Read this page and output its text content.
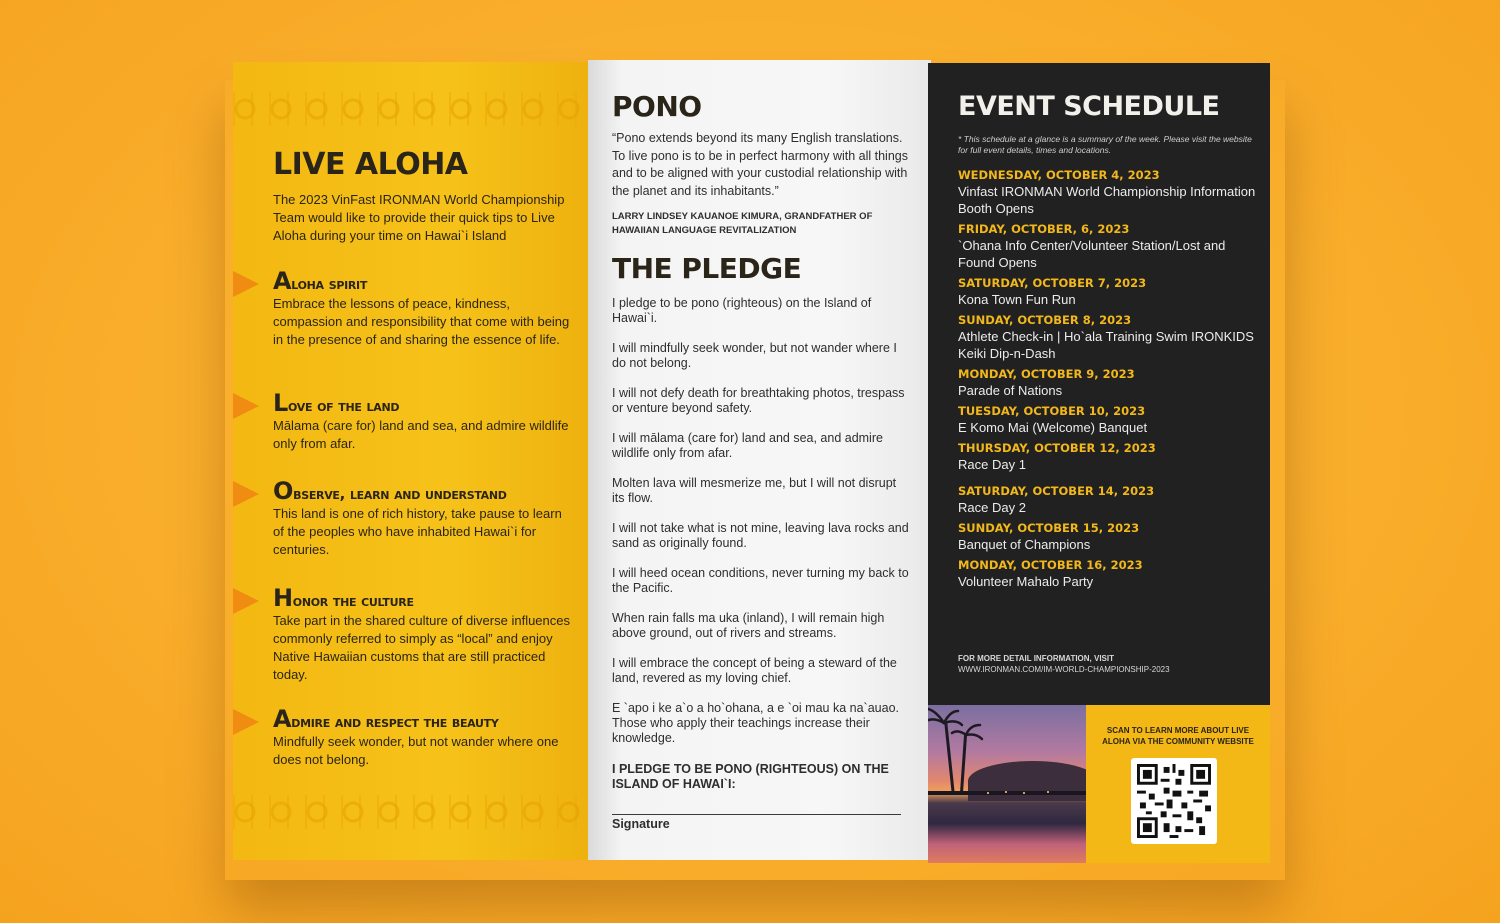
LIVE ALOHA
The 2023 VinFast IRONMAN World Championship Team would like to provide their quick tips to Live Aloha during your time on Hawai`i Island
Aloha spirit
Embrace the lessons of peace, kindness, compassion and responsibility that come with being in the presence of and sharing the essence of life.
Love of the land
Mālama (care for) land and sea, and admire wildlife only from afar.
Observe, learn and understand
This land is one of rich history, take pause to learn of the peoples who have inhabited Hawai`i for centuries.
Honor the culture
Take part in the shared culture of diverse influences commonly referred to simply as “local” and enjoy Native Hawaiian customs that are still practiced today.
Admire and respect the beauty
Mindfully seek wonder, but not wander where one does not belong.
PONO
“Pono extends beyond its many English translations. To live pono is to be in perfect harmony with all things and to be aligned with your custodial relationship with the planet and its inhabitants.”
LARRY LINDSEY KAUANOE KIMURA, GRANDFATHER OF HAWAIIAN LANGUAGE REVITALIZATION
THE PLEDGE

I pledge to be pono (righteous) on the Island of Hawai`i.

I will mindfully seek wonder, but not wander where I do not belong.

I will not defy death for breathtaking photos, trespass or venture beyond safety.

I will mālama (care for) land and sea, and admire wildlife only from afar.

Molten lava will mesmerize me, but I will not disrupt its flow.

I will not take what is not mine, leaving lava rocks and sand as originally found.

I will heed ocean conditions, never turning my back to the Pacific.

When rain falls ma uka (inland), I will remain high above ground, out of rivers and streams.

I will embrace the concept of being a steward of the land, revered as my loving chief.

E `apo i ke a`o a ho`ohana, a e `oi mau ka na`auao. Those who apply their teachings increase their knowledge.

I PLEDGE TO BE PONO (RIGHTEOUS) ON THE ISLAND OF HAWAI`I:
Signature
EVENT SCHEDULE
* This schedule at a glance is a summary of the week. Please visit the website for full event details, times and locations.
WEDNESDAY, OCTOBER 4, 2023
Vinfast IRONMAN World Championship Information Booth Opens
FRIDAY, OCTOBER, 6, 2023
`Ohana Info Center/Volunteer Station/Lost and Found Opens
SATURDAY, OCTOBER 7, 2023
Kona Town Fun Run
SUNDAY, OCTOBER 8, 2023
Athlete Check-in | Ho`ala Training Swim IRONKIDS Keiki Dip-n-Dash
MONDAY, OCTOBER 9, 2023
Parade of Nations
TUESDAY, OCTOBER 10, 2023
E Komo Mai (Welcome) Banquet
THURSDAY, OCTOBER 12, 2023
Race Day 1
SATURDAY, OCTOBER 14, 2023
Race Day 2
SUNDAY, OCTOBER 15, 2023
Banquet of Champions
MONDAY, OCTOBER 16, 2023
Volunteer Mahalo Party
FOR MORE DETAIL INFORMATION, VISIT
WWW.IRONMAN.COM/IM-WORLD-CHAMPIONSHIP-2023
SCAN TO LEARN MORE ABOUT LIVE ALOHA VIA THE COMMUNITY WEBSITE
